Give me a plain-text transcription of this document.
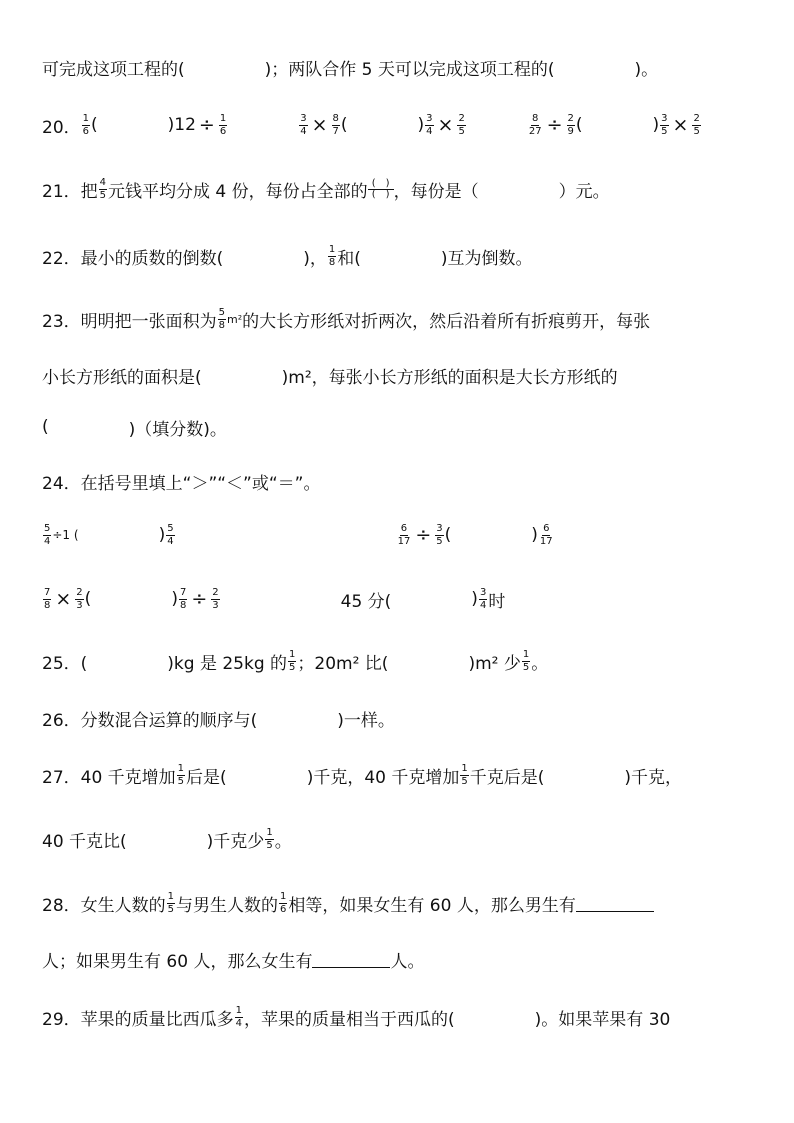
可完成这项工程的(	)；两队合作 5 天可以完成这项工程的(	)。
20． $\frac{1}{6}$ (	)$12 \div \frac{1}{6}$	$\frac{3}{4} \times \frac{8}{7}$ (	) $\frac{3}{4} \times \frac{2}{5}$	$\frac{8}{27} \div \frac{2}{9}$ (	) $\frac{3}{5} \times \frac{2}{5}$
21．把 $\frac{4}{5}$ 元钱平均分成 4 份，每份占全部的 $\frac{( )}{( )}$ ，每份是（	）元。
22．最小的质数的倒数(	)， $\frac{1}{8}$ 和(	)互为倒数。
23．明明把一张面积为 $\frac{5}{8} m^2$ 的大长方形纸对折两次，然后沿着所有折痕剪开，每张
小长方形纸的面积是(	)m²，每张小长方形纸的面积是大长方形纸的
(	)（填分数)。
24．在括号里填上“＞”“＜”或“＝”。
$\frac{5}{4} \div 1$ (	) $\frac{5}{4}$	$\frac{6}{17} \div \frac{3}{5}$ (	) $\frac{6}{17}$
$\frac{7}{8} \times \frac{2}{3}$ (	) $\frac{7}{8} \div \frac{2}{3}$	45 分(	) $\frac{3}{4}$ 时
25．(	)kg 是 25kg 的 $\frac{1}{5}$ ；20m² 比(	)m² 少 $\frac{1}{5}$ 。
26．分数混合运算的顺序与(	)一样。
27．40 千克增加 $\frac{1}{5}$ 后是(	)千克，40 千克增加 $\frac{1}{5}$ 千克后是(	)千克，
40 千克比(	)千克少 $\frac{1}{5}$ 。
28．女生人数的 $\frac{1}{5}$ 与男生人数的 $\frac{1}{6}$ 相等，如果女生有 60 人，那么男生有
人；如果男生有 60 人，那么女生有	人。
29．苹果的质量比西瓜多 $\frac{1}{4}$ ，苹果的质量相当于西瓜的(	)。如果苹果有 30
